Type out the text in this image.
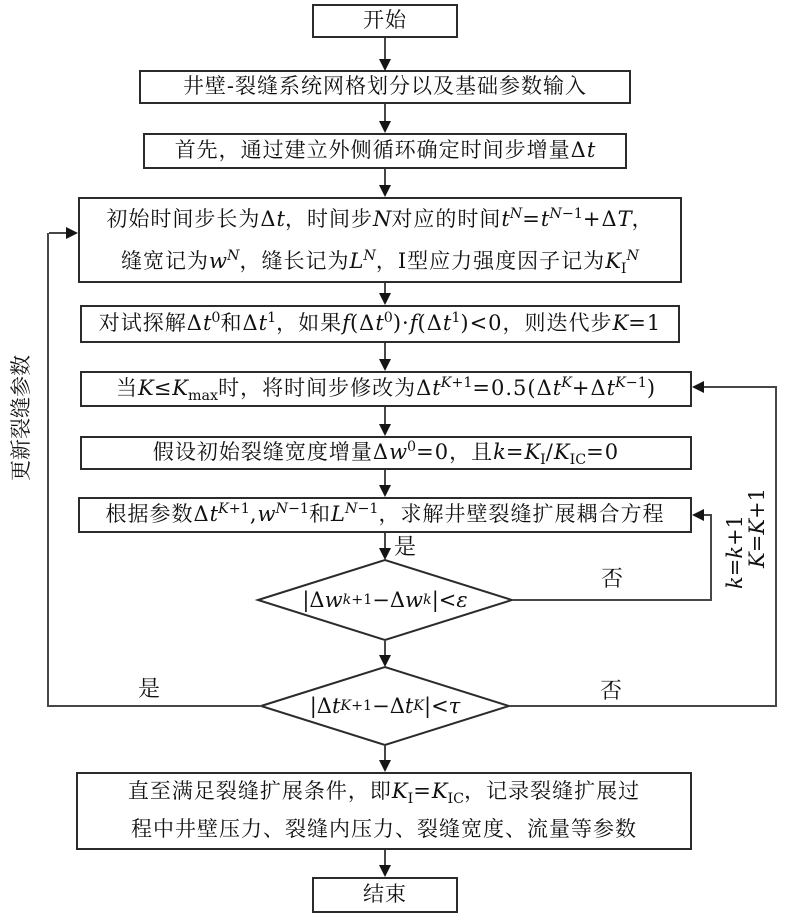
开始
井壁-裂缝系统网格划分以及基础参数输入
首先，通过建立外侧循环确定时间步增量Δt
初始时间步长为Δt，时间步N对应的时间$t^N=t^{N-1}+\Delta T$，
缝宽记为$w^N$，缝长记为$L^N$，I型应力强度因子记为$K_I^N$
对试探解$\Delta t^0$和$\Delta t^1$，如果$f(\Delta t^0)\cdot f(\Delta t^1)<0$，则迭代步K=1
当$K\le K_{max}$时，将时间步修改为$\Delta t^{K+1}=0.5(\Delta t^K+\Delta t^{K-1})$
假设初始裂缝宽度增量$\Delta w^0=0$，且$k=K_I/K_{IC}=0$
根据参数$\Delta t^{K+1},w^{N-1}$和$L^{N-1}$，求解井壁裂缝扩展耦合方程
直至满足裂缝扩展条件，即$K_I=K_{IC}$，记录裂缝扩展过
程中井壁压力、裂缝内压力、裂缝宽度、流量等参数
结束
|Δ w k+1 −Δ w k |< ε
|Δ t K+1 −Δ t K |< τ
是
否
是	否
更新裂缝参数
k
=
k
+1
K
=
K
+1
